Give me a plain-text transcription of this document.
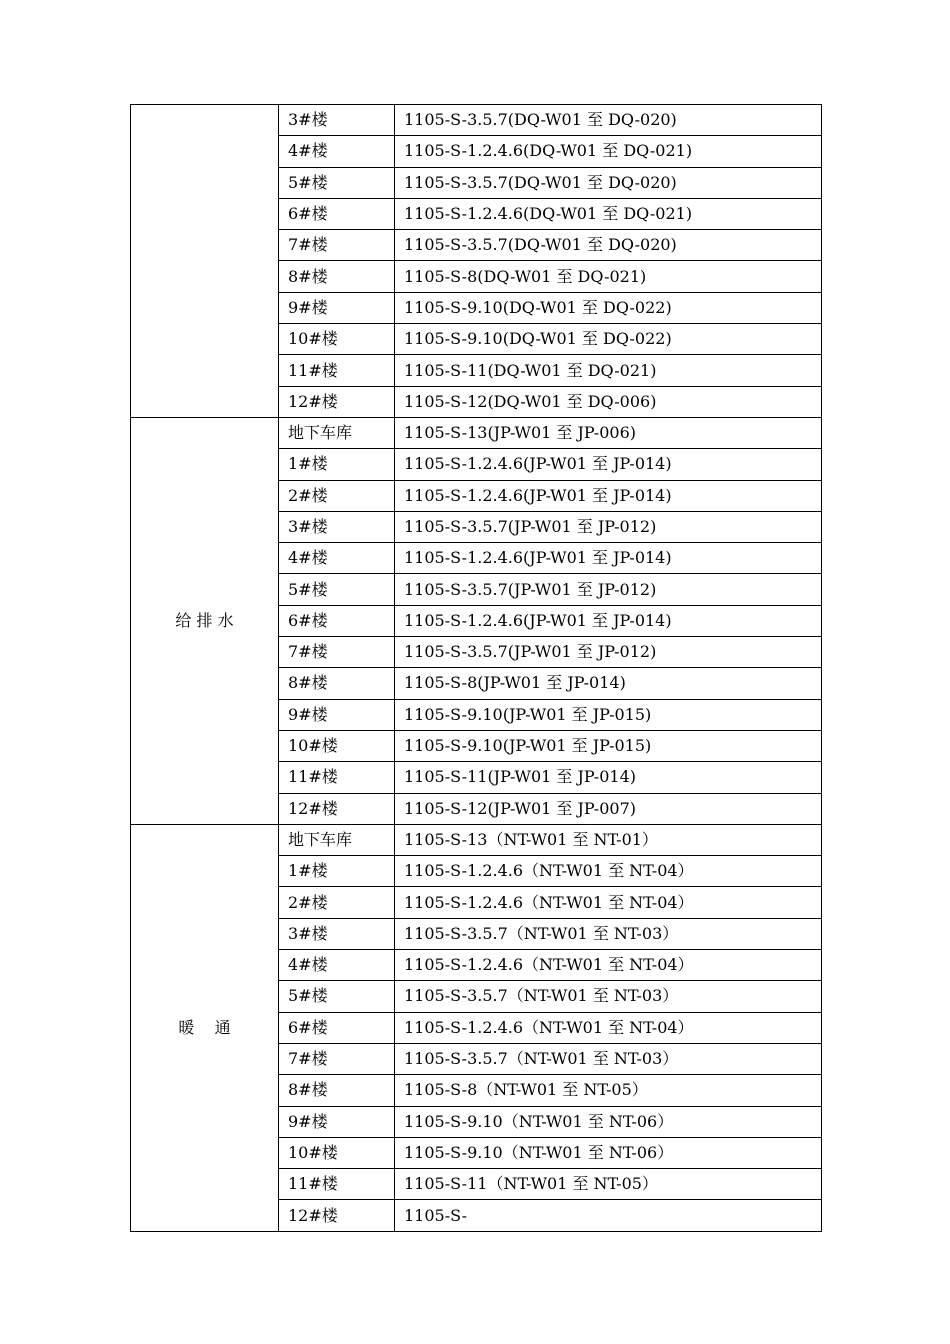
	3#楼	1105-S-3.5.7(DQ-W01 至 DQ-020)
	4#楼	1105-S-1.2.4.6(DQ-W01 至 DQ-021)
	5#楼	1105-S-3.5.7(DQ-W01 至 DQ-020)
	6#楼	1105-S-1.2.4.6(DQ-W01 至 DQ-021)
	7#楼	1105-S-3.5.7(DQ-W01 至 DQ-020)
	8#楼	1105-S-8(DQ-W01 至 DQ-021)
	9#楼	1105-S-9.10(DQ-W01 至 DQ-022)
	10#楼	1105-S-9.10(DQ-W01 至 DQ-022)
	11#楼	1105-S-11(DQ-W01 至 DQ-021)
	12#楼	1105-S-12(DQ-W01 至 DQ-006)
给 排 水	地下车库	1105-S-13(JP-W01 至 JP-006)
	1#楼	1105-S-1.2.4.6(JP-W01 至 JP-014)
	2#楼	1105-S-1.2.4.6(JP-W01 至 JP-014)
	3#楼	1105-S-3.5.7(JP-W01 至 JP-012)
	4#楼	1105-S-1.2.4.6(JP-W01 至 JP-014)
	5#楼	1105-S-3.5.7(JP-W01 至 JP-012)
	6#楼	1105-S-1.2.4.6(JP-W01 至 JP-014)
	7#楼	1105-S-3.5.7(JP-W01 至 JP-012)
	8#楼	1105-S-8(JP-W01 至 JP-014)
	9#楼	1105-S-9.10(JP-W01 至 JP-015)
	10#楼	1105-S-9.10(JP-W01 至 JP-015)
	11#楼	1105-S-11(JP-W01 至 JP-014)
	12#楼	1105-S-12(JP-W01 至 JP-007)
暖    通	地下车库	1105-S-13（NT-W01 至 NT-01）
	1#楼	1105-S-1.2.4.6（NT-W01 至 NT-04）
	2#楼	1105-S-1.2.4.6（NT-W01 至 NT-04）
	3#楼	1105-S-3.5.7（NT-W01 至 NT-03）
	4#楼	1105-S-1.2.4.6（NT-W01 至 NT-04）
	5#楼	1105-S-3.5.7（NT-W01 至 NT-03）
	6#楼	1105-S-1.2.4.6（NT-W01 至 NT-04）
	7#楼	1105-S-3.5.7（NT-W01 至 NT-03）
	8#楼	1105-S-8（NT-W01 至 NT-05）
	9#楼	1105-S-9.10（NT-W01 至 NT-06）
	10#楼	1105-S-9.10（NT-W01 至 NT-06）
	11#楼	1105-S-11（NT-W01 至 NT-05）
	12#楼	1105-S-
